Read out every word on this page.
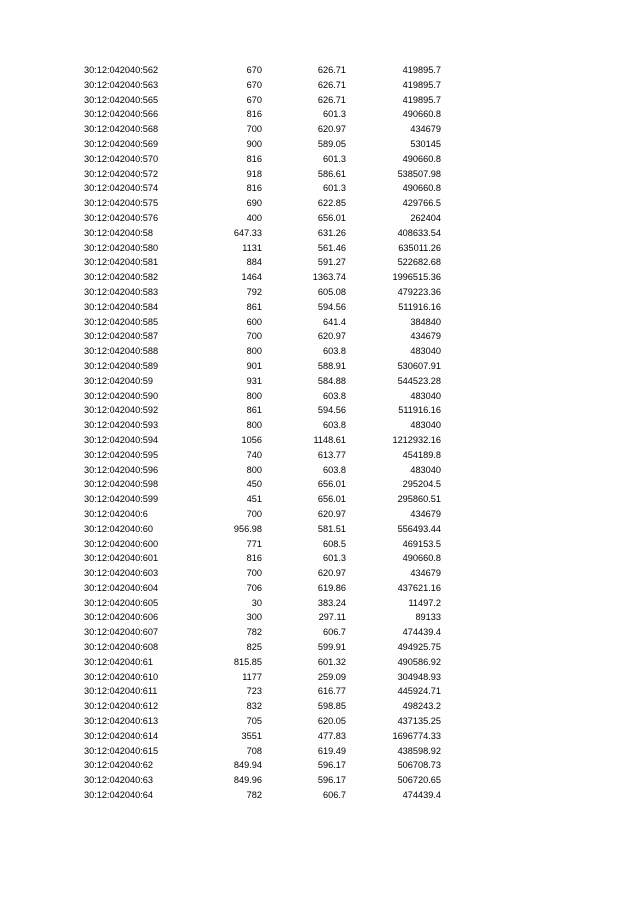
30:12:042040:562	670	626.71	419895.7
30:12:042040:563	670	626.71	419895.7
30:12:042040:565	670	626.71	419895.7
30:12:042040:566	816	601.3	490660.8
30:12:042040:568	700	620.97	434679
30:12:042040:569	900	589.05	530145
30:12:042040:570	816	601.3	490660.8
30:12:042040:572	918	586.61	538507.98
30:12:042040:574	816	601.3	490660.8
30:12:042040:575	690	622.85	429766.5
30:12:042040:576	400	656.01	262404
30:12:042040:58	647.33	631.26	408633.54
30:12:042040:580	1131	561.46	635011.26
30:12:042040:581	884	591.27	522682.68
30:12:042040:582	1464	1363.74	1996515.36
30:12:042040:583	792	605.08	479223.36
30:12:042040:584	861	594.56	511916.16
30:12:042040:585	600	641.4	384840
30:12:042040:587	700	620.97	434679
30:12:042040:588	800	603.8	483040
30:12:042040:589	901	588.91	530607.91
30:12:042040:59	931	584.88	544523.28
30:12:042040:590	800	603.8	483040
30:12:042040:592	861	594.56	511916.16
30:12:042040:593	800	603.8	483040
30:12:042040:594	1056	1148.61	1212932.16
30:12:042040:595	740	613.77	454189.8
30:12:042040:596	800	603.8	483040
30:12:042040:598	450	656.01	295204.5
30:12:042040:599	451	656.01	295860.51
30:12:042040:6	700	620.97	434679
30:12:042040:60	956.98	581.51	556493.44
30:12:042040:600	771	608.5	469153.5
30:12:042040:601	816	601.3	490660.8
30:12:042040:603	700	620.97	434679
30:12:042040:604	706	619.86	437621.16
30:12:042040:605	30	383.24	11497.2
30:12:042040:606	300	297.11	89133
30:12:042040:607	782	606.7	474439.4
30:12:042040:608	825	599.91	494925.75
30:12:042040:61	815.85	601.32	490586.92
30:12:042040:610	1177	259.09	304948.93
30:12:042040:611	723	616.77	445924.71
30:12:042040:612	832	598.85	498243.2
30:12:042040:613	705	620.05	437135.25
30:12:042040:614	3551	477.83	1696774.33
30:12:042040:615	708	619.49	438598.92
30:12:042040:62	849.94	596.17	506708.73
30:12:042040:63	849.96	596.17	506720.65
30:12:042040:64	782	606.7	474439.4
